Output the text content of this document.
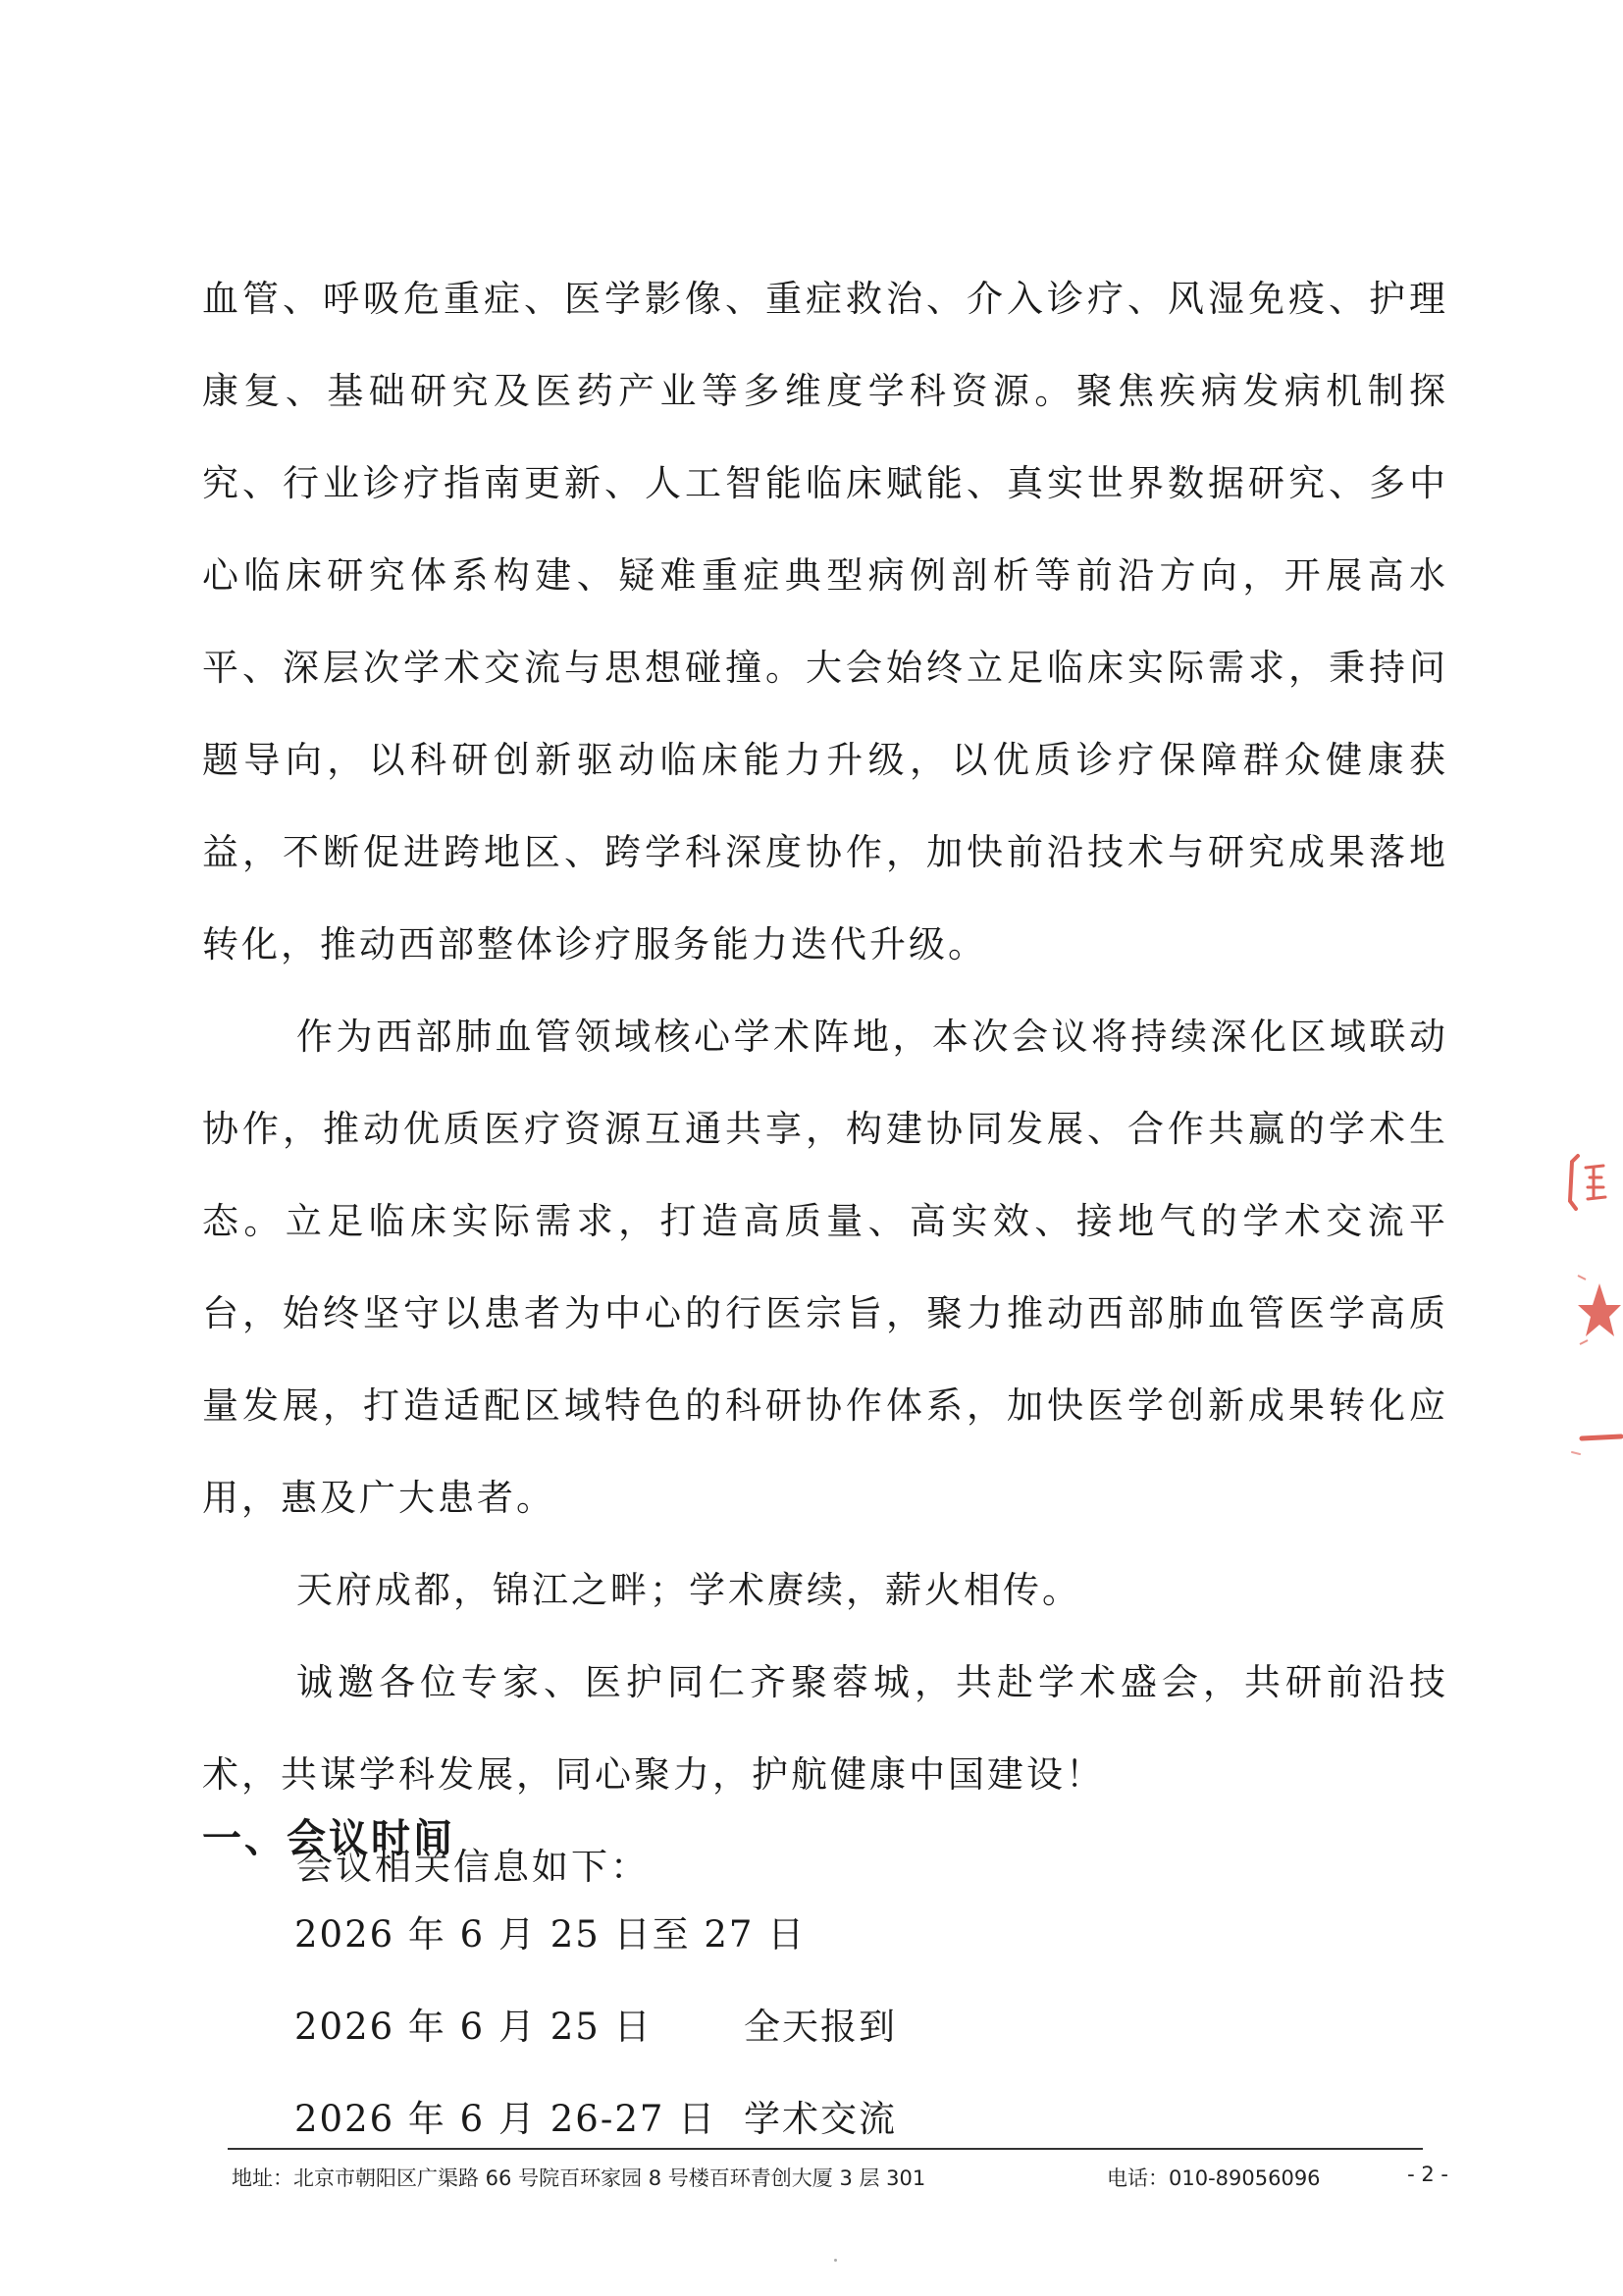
血管、呼吸危重症、医学影像、重症救治、介入诊疗、风湿免疫、护理康复、基础研究及医药产业等多维度学科资源。聚焦疾病发病机制探究、行业诊疗指南更新、人工智能临床赋能、真实世界数据研究、多中心临床研究体系构建、疑难重症典型病例剖析等前沿方向，开展高水平、深层次学术交流与思想碰撞。大会始终立足临床实际需求，秉持问题导向，以科研创新驱动临床能力升级，以优质诊疗保障群众健康获益，不断促进跨地区、跨学科深度协作，加快前沿技术与研究成果落地转化，推动西部整体诊疗服务能力迭代升级。

作为西部肺血管领域核心学术阵地，本次会议将持续深化区域联动协作，推动优质医疗资源互通共享，构建协同发展、合作共赢的学术生态。立足临床实际需求，打造高质量、高实效、接地气的学术交流平台，始终坚守以患者为中心的行医宗旨，聚力推动西部肺血管医学高质量发展，打造适配区域特色的科研协作体系，加快医学创新成果转化应用，惠及广大患者。

天府成都，锦江之畔；学术赓续，薪火相传。

诚邀各位专家、医护同仁齐聚蓉城，共赴学术盛会，共研前沿技术，共谋学科发展，同心聚力，护航健康中国建设！

会议相关信息如下：

一、会议时间
2026 年 6 月 25 日至 27 日
2026 年 6 月 25 日	全天报到
2026 年 6 月 26-27 日 学术交流
地址：北京市朝阳区广渠路 66 号院百环家园 8 号楼百环青创大厦 3 层 301	电话：010-89056096	- 2 -
